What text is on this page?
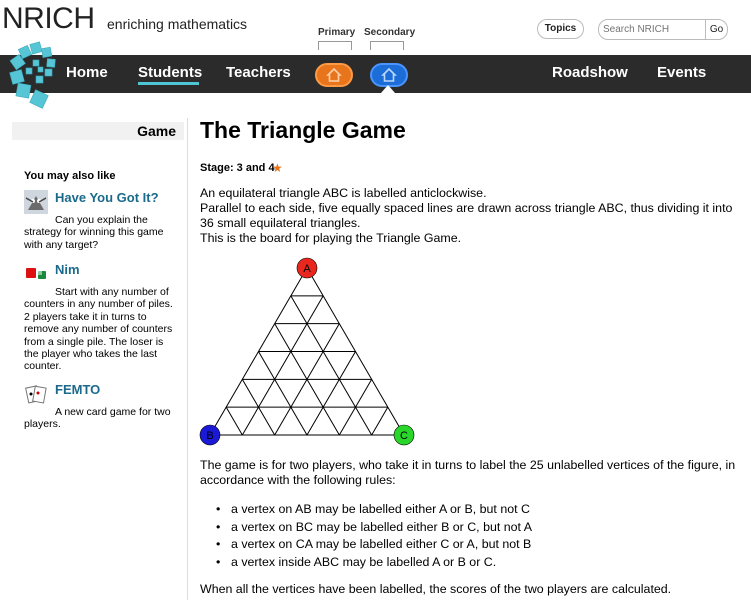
NRICH enriching mathematics
Primary Secondary	Topics
Search NRICH	Go
Home Students Teachers	Roadshow Events
Game
You may also like
Have You Got It?
Can you explain the strategy for winning this game with any target?
Nim
Start with any number of counters in any number of piles. 2 players take it in turns to remove any number of counters from a single pile. The loser is the player who takes the last counter.
FEMTO
A new card game for two players.
The Triangle Game
Stage: 3 and 4
★
An equilateral triangle ABC is labelled anticlockwise.
Parallel to each side, five equally spaced lines are drawn across triangle ABC, thus dividing it into 36 small equilateral triangles.
This is the board for playing the Triangle Game.
A
B	C
The game is for two players, who take it in turns to label the 25 unlabelled vertices of the figure, in accordance with the following rules:
• a vertex on AB may be labelled either A or B, but not C
• a vertex on BC may be labelled either B or C, but not A
• a vertex on CA may be labelled either C or A, but not B
• a vertex inside ABC may be labelled A or B or C.
When all the vertices have been labelled, the scores of the two players are calculated.
